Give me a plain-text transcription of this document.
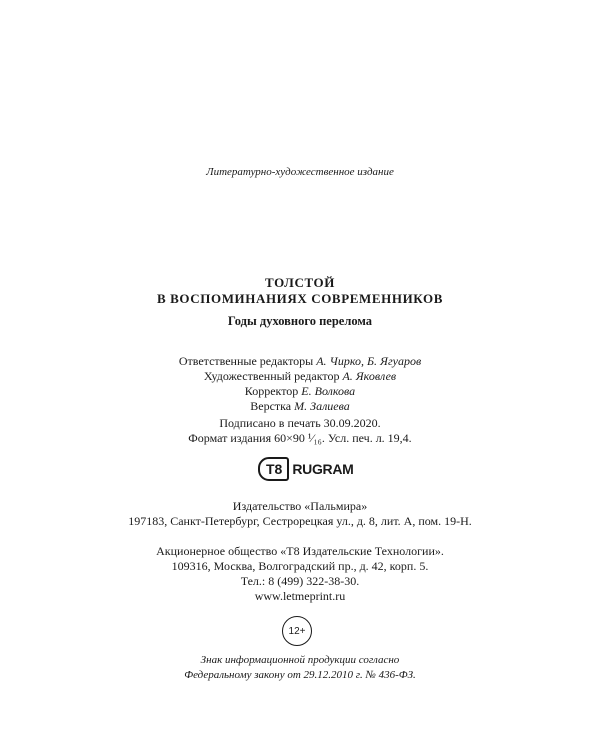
Литературно-художественное издание
ТОЛСТОЙ
В ВОСПОМИНАНИЯХ СОВРЕМЕННИКОВ
Годы духовного перелома
Ответственные редакторы А. Чирко, Б. Ягуаров
Художественный редактор А. Яковлев
Корректор Е. Волкова
Верстка М. Залиева
Подписано в печать 30.09.2020.
Формат издания 60×90 ¹⁄₁₆. Усл. печ. л. 19,4.
T8 RUGRAM
Издательство «Пальмира»
197183, Санкт-Петербург, Сестрорецкая ул., д. 8, лит. А, пом. 19-Н.
Акционерное общество «Т8 Издательские Технологии».
109316, Москва, Волгоградский пр., д. 42, корп. 5.
Тел.: 8 (499) 322-38-30.
www.letmeprint.ru
12+
Знак информационной продукции согласно
Федеральному закону от 29.12.2010 г. № 436-ФЗ.
